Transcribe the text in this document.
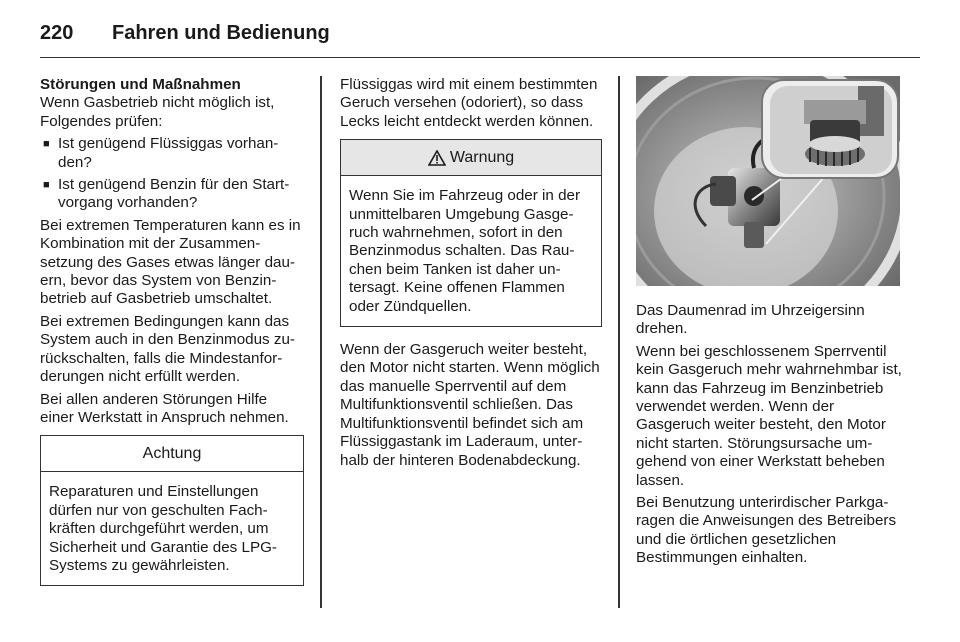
220	Fahren und Bedienung

Störungen und Maßnahmen

Wenn Gasbetrieb nicht möglich ist, Folgendes prüfen:

■ Ist genügend Flüssiggas vorhanden?
■ Ist genügend Benzin für den Startvorgang vorhanden?

Bei extremen Temperaturen kann es in Kombination mit der Zusammensetzung des Gases etwas länger dauern, bevor das System von Benzinbetrieb auf Gasbetrieb umschaltet.

Bei extremen Bedingungen kann das System auch in den Benzinmodus zurückschalten, falls die Mindestanforderungen nicht erfüllt werden.

Bei allen anderen Störungen Hilfe einer Werkstatt in Anspruch nehmen.

Achtung
Reparaturen und Einstellungen dürfen nur von geschulten Fachkräften durchgeführt werden, um Sicherheit und Garantie des LPG-Systems zu gewährleisten.

Flüssiggas wird mit einem bestimmten Geruch versehen (odoriert), so dass Lecks leicht entdeckt werden können.

Warnung
Wenn Sie im Fahrzeug oder in der unmittelbaren Umgebung Gasgeruch wahrnehmen, sofort in den Benzinmodus schalten. Das Rauchen beim Tanken ist daher untersagt. Keine offenen Flammen oder Zündquellen.

Wenn der Gasgeruch weiter besteht, den Motor nicht starten. Wenn möglich das manuelle Sperrventil auf dem Multifunktionsventil schließen. Das Multifunktionsventil befindet sich am Flüssiggastank im Laderaum, unterhalb der hinteren Bodenabdeckung.

Das Daumenrad im Uhrzeigersinn drehen.

Wenn bei geschlossenem Sperrventil kein Gasgeruch mehr wahrnehmbar ist, kann das Fahrzeug im Benzinbetrieb verwendet werden. Wenn der Gasgeruch weiter besteht, den Motor nicht starten. Störungsursache umgehend von einer Werkstatt beheben lassen.

Bei Benutzung unterirdischer Parkgaragen die Anweisungen des Betreibers und die örtlichen gesetzlichen Bestimmungen einhalten.
